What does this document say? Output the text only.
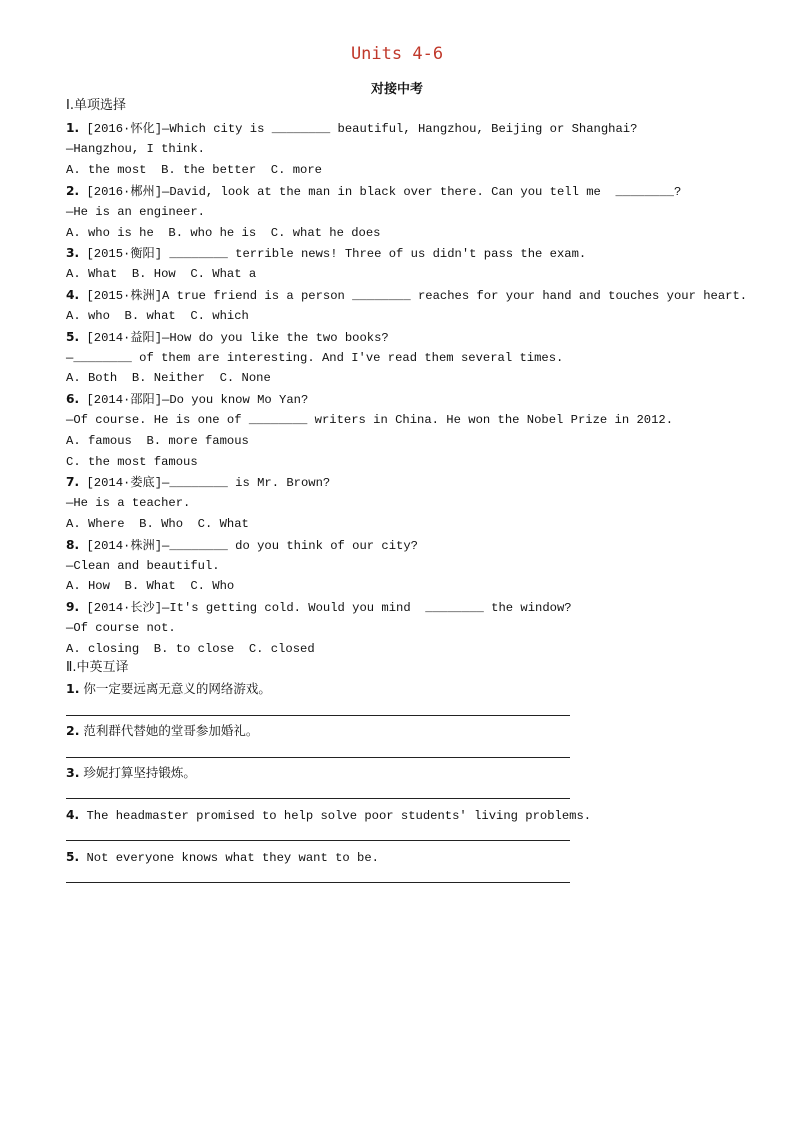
Units 4-6
对接中考
Ⅰ.单项选择
1. [2016·怀化]—Which city is ________ beautiful, Hangzhou, Beijing or Shanghai?
—Hangzhou, I think.
A. the most  B. the better  C. more
2. [2016·郴州]—David, look at the man in black over there. Can you tell me  ________?
—He is an engineer.
A. who is he  B. who he is  C. what he does
3. [2015·衡阳] ________ terrible news! Three of us didn't pass the exam.
A. What  B. How  C. What a
4. [2015·株洲]A true friend is a person ________ reaches for your hand and touches your heart.
A. who  B. what  C. which
5. [2014·益阳]—How do you like the two books?
—________ of them are interesting. And I've read them several times.
A. Both  B. Neither  C. None
6. [2014·邵阳]—Do you know Mo Yan?
—Of course. He is one of ________ writers in China. He won the Nobel Prize in 2012.
A. famous  B. more famous
C. the most famous
7. [2014·娄底]—________ is Mr. Brown?
—He is a teacher.
A. Where  B. Who  C. What
8. [2014·株洲]—________ do you think of our city?
—Clean and beautiful.
A. How  B. What  C. Who
9. [2014·长沙]—It's getting cold. Would you mind  ________ the window?
—Of course not.
A. closing  B. to close  C. closed
Ⅱ.中英互译
1. 你一定要远离无意义的网络游戏。
2. 范利群代替她的堂哥参加婚礼。
3. 珍妮打算坚持锻炼。
4. The headmaster promised to help solve poor students' living problems.
5. Not everyone knows what they want to be.
